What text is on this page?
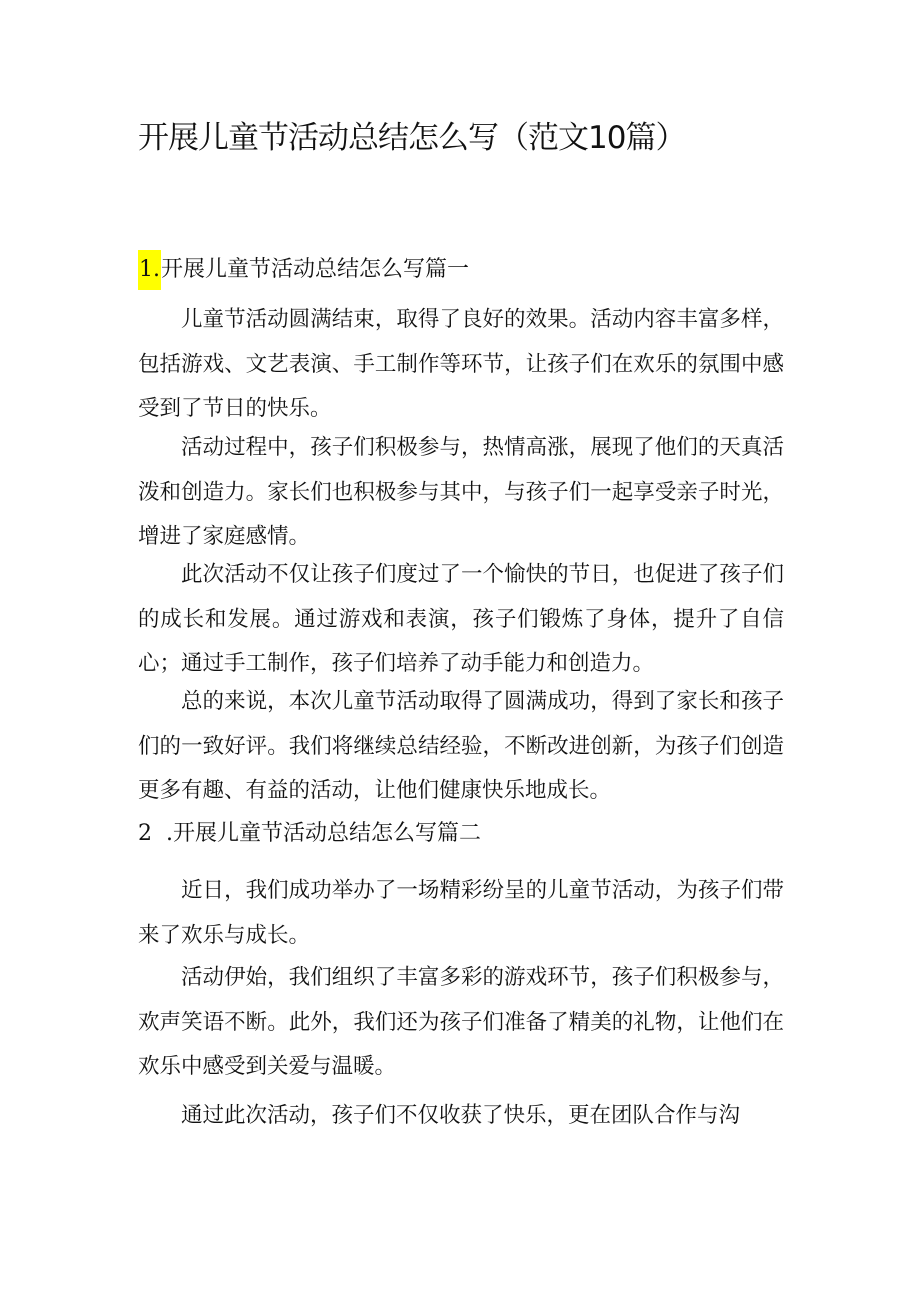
开展儿童节活动总结怎么写（范文10篇）
1.开展儿童节活动总结怎么写篇一

儿童节活动圆满结束，取得了良好的效果。活动内容丰富多样，包括游戏、文艺表演、手工制作等环节，让孩子们在欢乐的氛围中感受到了节日的快乐。

活动过程中，孩子们积极参与，热情高涨，展现了他们的天真活泼和创造力。家长们也积极参与其中，与孩子们一起享受亲子时光，增进了家庭感情。

此次活动不仅让孩子们度过了一个愉快的节日，也促进了孩子们的成长和发展。通过游戏和表演，孩子们锻炼了身体，提升了自信心；通过手工制作，孩子们培养了动手能力和创造力。

总的来说，本次儿童节活动取得了圆满成功，得到了家长和孩子们的一致好评。我们将继续总结经验，不断改进创新，为孩子们创造更多有趣、有益的活动，让他们健康快乐地成长。

2 .开展儿童节活动总结怎么写篇二

近日，我们成功举办了一场精彩纷呈的儿童节活动，为孩子们带来了欢乐与成长。

活动伊始，我们组织了丰富多彩的游戏环节，孩子们积极参与，欢声笑语不断。此外，我们还为孩子们准备了精美的礼物，让他们在欢乐中感受到关爱与温暖。

通过此次活动，孩子们不仅收获了快乐，更在团队合作与沟
